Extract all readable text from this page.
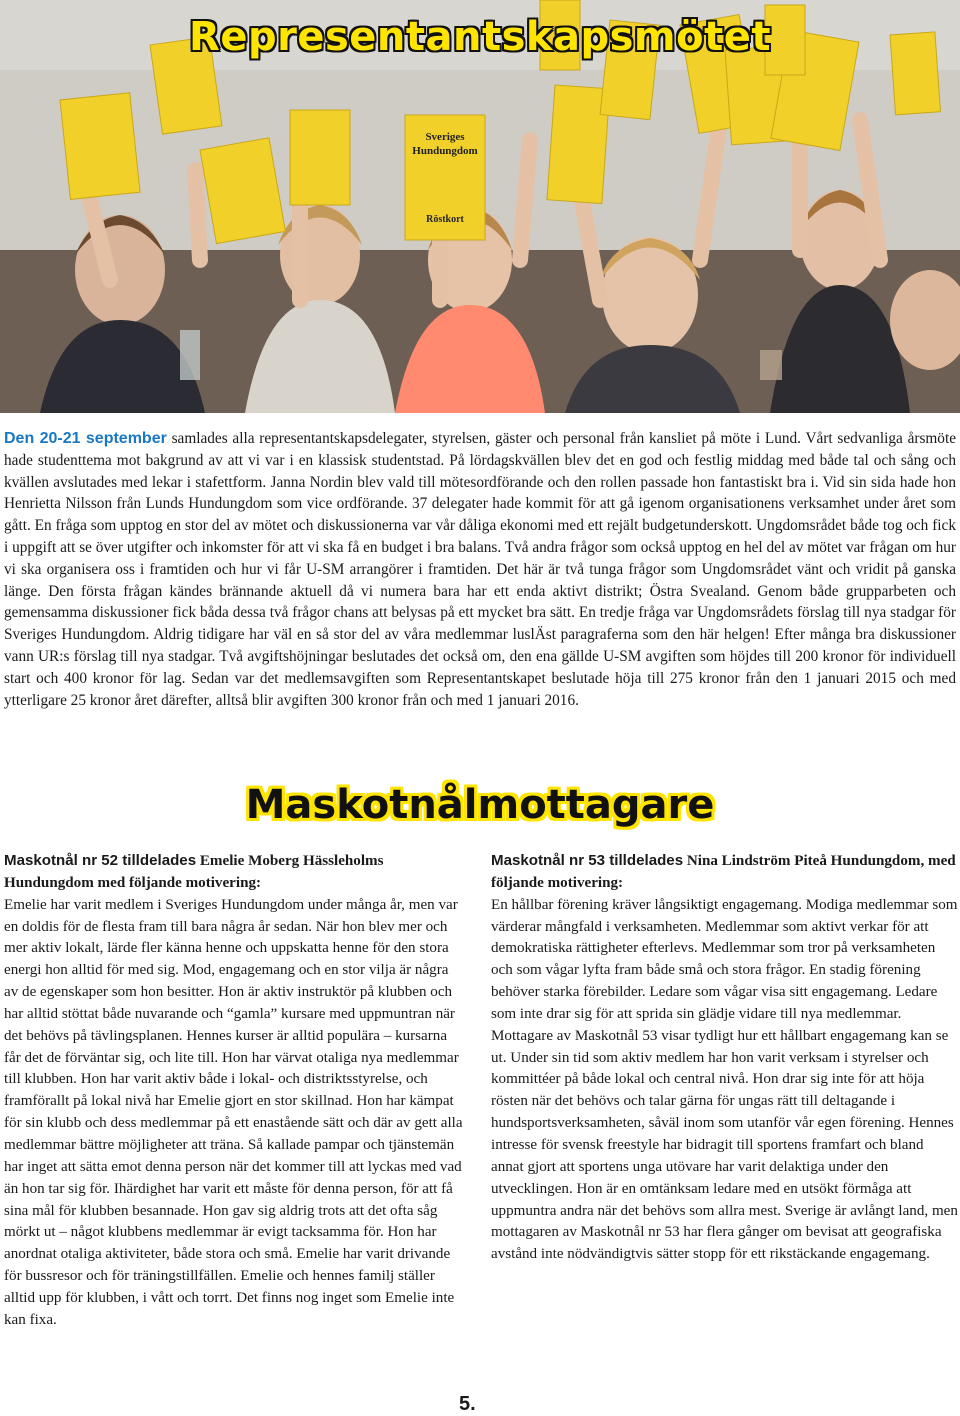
Sveriges
Hundungdom
Röstkort
Representantskapsmötet

Den 20-21 september samlades alla representantskapsdelegater, styrelsen, gäster och personal från kansliet på möte i Lund. Vårt sedvanliga årsmöte hade studenttema mot bakgrund av att vi var i en klassisk studentstad. På lördagskvällen blev det en god och festlig middag med både tal och sång och kvällen avslutades med lekar i stafettform. Janna Nordin blev vald till mötesordförande och den rollen passade hon fantastiskt bra i. Vid sin sida hade hon Henrietta Nilsson från Lunds Hundungdom som vice ordförande. 37 delegater hade kommit för att gå igenom organisationens verksamhet under året som gått. En fråga som upptog en stor del av mötet och diskussionerna var vår dåliga ekonomi med ett rejält budgetunderskott. Ungdomsrådet både tog och fick i uppgift att se över utgifter och inkomster för att vi ska få en budget i bra balans. Två andra frågor som också upptog en hel del av mötet var frågan om hur vi ska organisera oss i framtiden och hur vi får U-SM arrangörer i framtiden. Det här är två tunga frågor som Ungdomsrådet vänt och vridit på ganska länge. Den första frågan kändes brännande aktuell då vi numera bara har ett enda aktivt distrikt; Östra Svealand. Genom både grupparbeten och gemensamma diskussioner fick båda dessa två frågor chans att belysas på ett mycket bra sätt. En tredje fråga var Ungdomsrådets förslag till nya stadgar för Sveriges Hundungdom. Aldrig tidigare har väl en så stor del av våra medlemmar luslÄst paragraferna som den här helgen! Efter många bra diskussioner vann UR:s förslag till nya stadgar. Två avgiftshöjningar beslutades det också om, den ena gällde U-SM avgiften som höjdes till 200 kronor för individuell start och 400 kronor för lag. Sedan var det medlemsavgiften som Representantskapet beslutade höja till 275 kronor från den 1 januari 2015 och med ytterligare 25 kronor året därefter, alltså blir avgiften 300 kronor från och med 1 januari 2016.

Maskotnålmottagare

Maskotnål nr 52 tilldelades Emelie Moberg Hässleholms Hundungdom med följande motivering:

Emelie har varit medlem i Sveriges Hundungdom under många år, men var en doldis för de flesta fram till bara några år sedan. När hon blev mer och mer aktiv lokalt, lärde fler känna henne och uppskatta henne för den stora energi hon alltid för med sig. Mod, engagemang och en stor vilja är några av de egenskaper som hon besitter. Hon är aktiv instruktör på klubben och har alltid stöttat både nuvarande och “gamla” kursare med uppmuntran när det behövs på tävlingsplanen. Hennes kurser är alltid populära – kursarna får det de förväntar sig, och lite till. Hon har värvat otaliga nya medlemmar till klubben. Hon har varit aktiv både i lokal- och distriktsstyrelse, och framförallt på lokal nivå har Emelie gjort en stor skillnad. Hon har kämpat för sin klubb och dess medlemmar på ett enastående sätt och där av gett alla medlemmar bättre möjligheter att träna. Så kallade pampar och tjänstemän har inget att sätta emot denna person när det kommer till att lyckas med vad än hon tar sig för. Ihärdighet har varit ett måste för denna person, för att få sina mål för klubben besannade. Hon gav sig aldrig trots att det ofta såg mörkt ut – något klubbens medlemmar är evigt tacksamma för. Hon har anordnat otaliga aktiviteter, både stora och små. Emelie har varit drivande för bussresor och för träningstillfällen. Emelie och hennes familj ställer alltid upp för klubben, i vått och torrt. Det finns nog inget som Emelie inte kan fixa.

Maskotnål nr 53 tilldelades Nina Lindström Piteå Hundungdom, med följande motivering:

En hållbar förening kräver långsiktigt engagemang. Modiga medlemmar som värderar mångfald i verksamheten. Medlemmar som aktivt verkar för att demokratiska rättigheter efterlevs. Medlemmar som tror på verksamheten och som vågar lyfta fram både små och stora frågor. En stadig förening behöver starka förebilder. Ledare som vågar visa sitt engagemang. Ledare som inte drar sig för att sprida sin glädje vidare till nya medlemmar. Mottagare av Maskotnål 53 visar tydligt hur ett hållbart engagemang kan se ut. Under sin tid som aktiv medlem har hon varit verksam i styrelser och kommittéer på både lokal och central nivå. Hon drar sig inte för att höja rösten när det behövs och talar gärna för ungas rätt till deltagande i hundsportsverksamheten, såväl inom som utanför vår egen förening. Hennes intresse för svensk freestyle har bidragit till sportens framfart och bland annat gjort att sportens unga utövare har varit delaktiga under den utvecklingen. Hon är en omtänksam ledare med en utsökt förmåga att uppmuntra andra när det behövs som allra mest. Sverige är avlångt land, men mottagaren av Maskotnål nr 53 har flera gånger om bevisat att geografiska avstånd inte nödvändigtvis sätter stopp för ett rikstäckande engagemang.

5.
